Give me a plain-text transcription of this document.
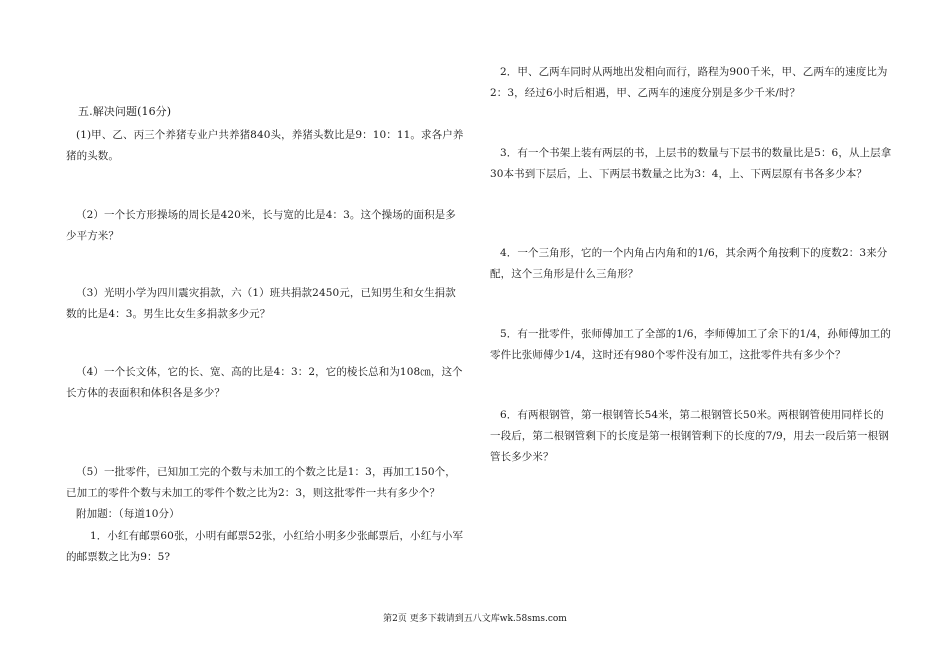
五.解决问题(16分)
(1)甲、乙、丙三个养猪专业户共养猪840头，养猪头数比是9：10：11。求各户养猪的头数。
（2）一个长方形操场的周长是420米，长与宽的比是4：3。这个操场的面积是多少平方米？
（3）光明小学为四川震灾捐款，六（1）班共捐款2450元，已知男生和女生捐款数的比是4：3。男生比女生多捐款多少元？
（4）一个长文体，它的长、宽、高的比是4：3：2，它的棱长总和为108㎝，这个长方体的表面积和体积各是多少？
（5）一批零件，已知加工完的个数与未加工的个数之比是1：3，再加工150个，已加工的零件个数与未加工的零件个数之比为2：3，则这批零件一共有多少个？
附加题：（每道10分）
1．小红有邮票60张，小明有邮票52张，小红给小明多少张邮票后，小红与小军的邮票数之比为9：5?
2．甲、乙两车同时从两地出发相向而行，路程为900千米，甲、乙两车的速度比为2：3，经过6小时后相遇，甲、乙两车的速度分别是多少千米/时？
3．有一个书架上装有两层的书，上层书的数量与下层书的数量比是5：6，从上层拿30本书到下层后，上、下两层书数量之比为3：4，上、下两层原有书各多少本？
4．一个三角形，它的一个内角占内角和的1/6，其余两个角按剩下的度数2：3来分配，这个三角形是什么三角形？
5．有一批零件，张师傅加工了全部的1/6，李师傅加工了余下的1/4，孙师傅加工的零件比张师傅少1/4，这时还有980个零件没有加工，这批零件共有多少个？
6．有两根钢管，第一根钢管长54米，第二根钢管长50米。两根钢管使用同样长的一段后，第二根钢管剩下的长度是第一根钢管剩下的长度的7/9，用去一段后第一根钢管长多少米？
第2页 更多下载请到五八文库wk.58sms.com
